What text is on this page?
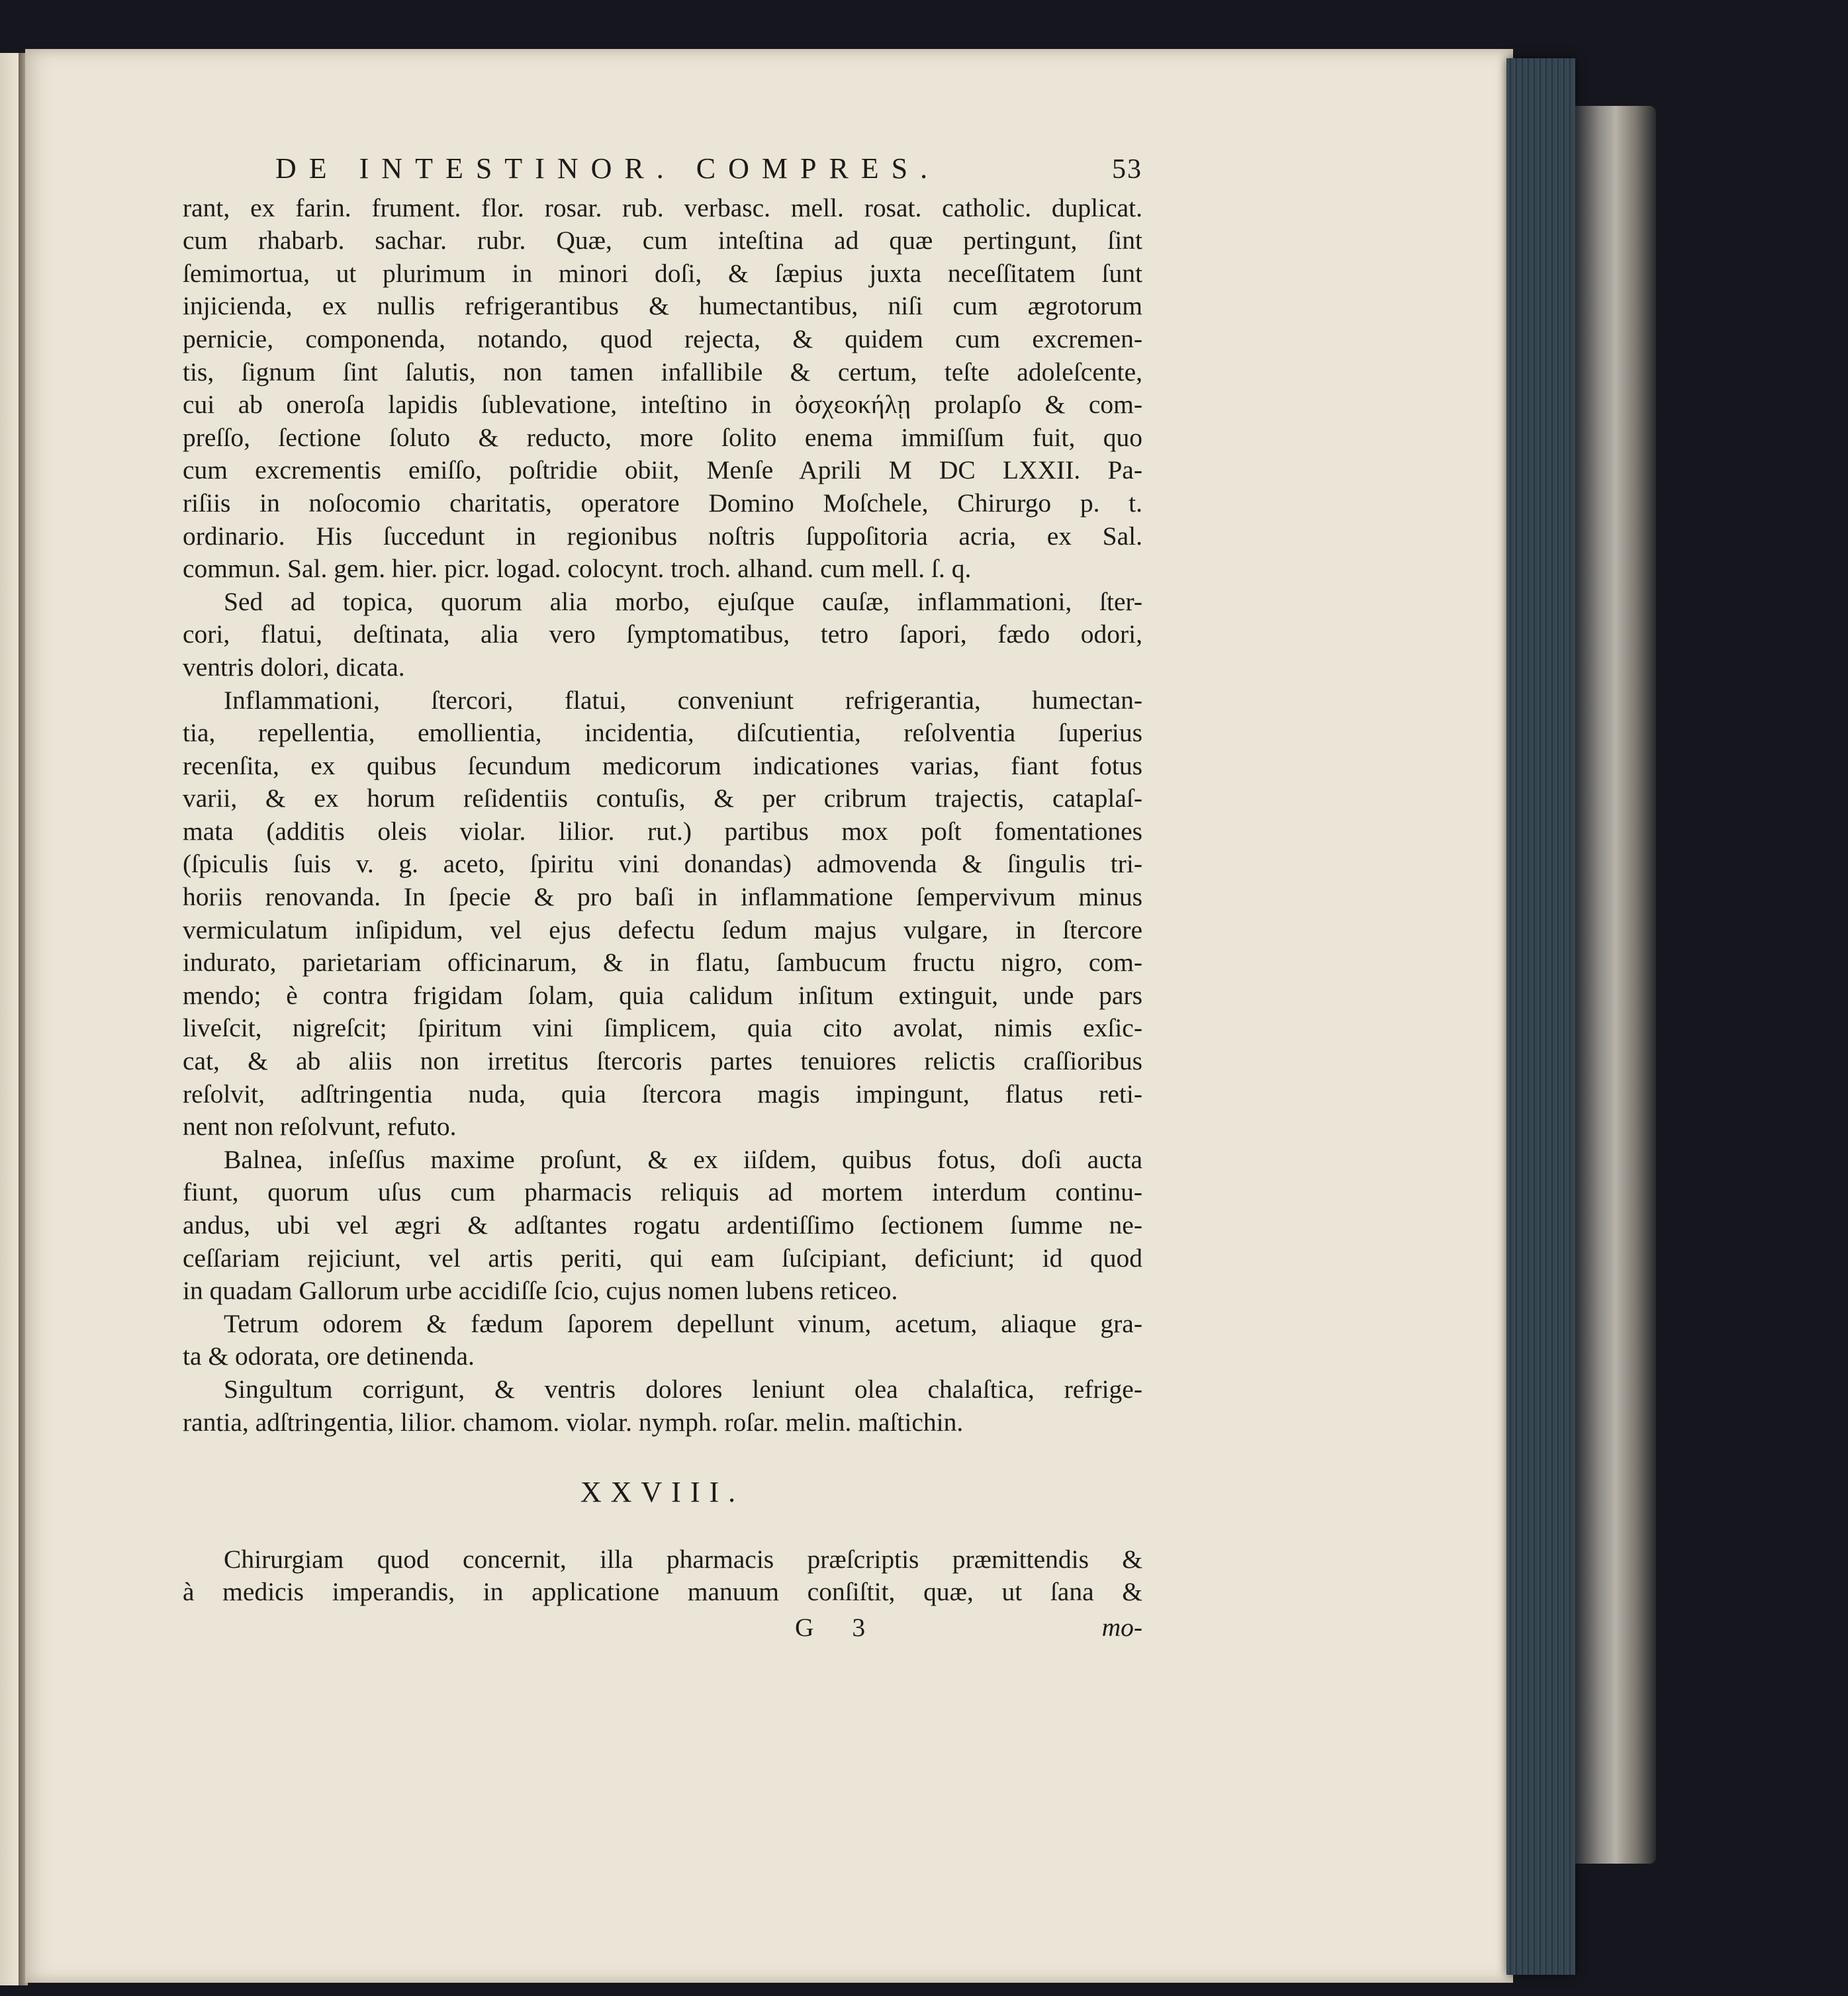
DE INTESTINOR. COMPRES.	53
rant, ex farin. frument. flor. rosar. rub. verbasc. mell. rosat. catholic. duplicat.
cum rhabarb. sachar. rubr. Quæ, cum inteſtina ad quæ pertingunt, ſint
ſemimortua, ut plurimum in minori doſi, & ſæpius juxta neceſſitatem ſunt
injicienda, ex nullis refrigerantibus & humectantibus, niſi cum ægrotorum
pernicie, componenda, notando, quod rejecta, & quidem cum excremen-
tis, ſignum ſint ſalutis, non tamen infallibile & certum, teſte adoleſcente,
cui ab oneroſa lapidis ſublevatione, inteſtino in ὀσχεοκήλῃ prolapſo & com-
preſſo, ſectione ſoluto & reducto, more ſolito enema immiſſum fuit, quo
cum excrementis emiſſo, poſtridie obiit, Menſe Aprili M DC LXXII. Pa-
riſiis in noſocomio charitatis, operatore Domino Moſchele, Chirurgo p. t.
ordinario. His ſuccedunt in regionibus noſtris ſuppoſitoria acria, ex Sal.
commun. Sal. gem. hier. picr. logad. colocynt. troch. alhand. cum mell. ſ. q.
Sed ad topica, quorum alia morbo, ejuſque cauſæ, inflammationi, ſter-
cori, flatui, deſtinata, alia vero ſymptomatibus, tetro ſapori, fædo odori,
ventris dolori, dicata.
Inflammationi, ſtercori, flatui, conveniunt refrigerantia, humectan-
tia, repellentia, emollientia, incidentia, diſcutientia, reſolventia ſuperius
recenſita, ex quibus ſecundum medicorum indicationes varias, fiant fotus
varii, & ex horum reſidentiis contuſis, & per cribrum trajectis, cataplaſ-
mata (additis oleis violar. lilior. rut.) partibus mox poſt fomentationes
(ſpiculis ſuis v. g. aceto, ſpiritu vini donandas) admovenda & ſingulis tri-
horiis renovanda. In ſpecie & pro baſi in inflammatione ſempervivum minus
vermiculatum inſipidum, vel ejus defectu ſedum majus vulgare, in ſtercore
indurato, parietariam officinarum, & in flatu, ſambucum fructu nigro, com-
mendo; è contra frigidam ſolam, quia calidum inſitum extinguit, unde pars
liveſcit, nigreſcit; ſpiritum vini ſimplicem, quia cito avolat, nimis exſic-
cat, & ab aliis non irretitus ſtercoris partes tenuiores relictis craſſioribus
reſolvit, adſtringentia nuda, quia ſtercora magis impingunt, flatus reti-
nent non reſolvunt, refuto.
Balnea, inſeſſus maxime proſunt, & ex iiſdem, quibus fotus, doſi aucta
fiunt, quorum uſus cum pharmacis reliquis ad mortem interdum continu-
andus, ubi vel ægri & adſtantes rogatu ardentiſſimo ſectionem ſumme ne-
ceſſariam rejiciunt, vel artis periti, qui eam ſuſcipiant, deficiunt; id quod
in quadam Gallorum urbe accidiſſe ſcio, cujus nomen lubens reticeo.
Tetrum odorem & fædum ſaporem depellunt vinum, acetum, aliaque gra-
ta & odorata, ore detinenda.
Singultum corrigunt, & ventris dolores leniunt olea chalaſtica, refrige-
rantia, adſtringentia, lilior. chamom. violar. nymph. roſar. melin. maſtichin.
XXVIII.
Chirurgiam quod concernit, illa pharmacis præſcriptis præmittendis &
à medicis imperandis, in applicatione manuum conſiſtit, quæ, ut ſana &
G 3	mo-
